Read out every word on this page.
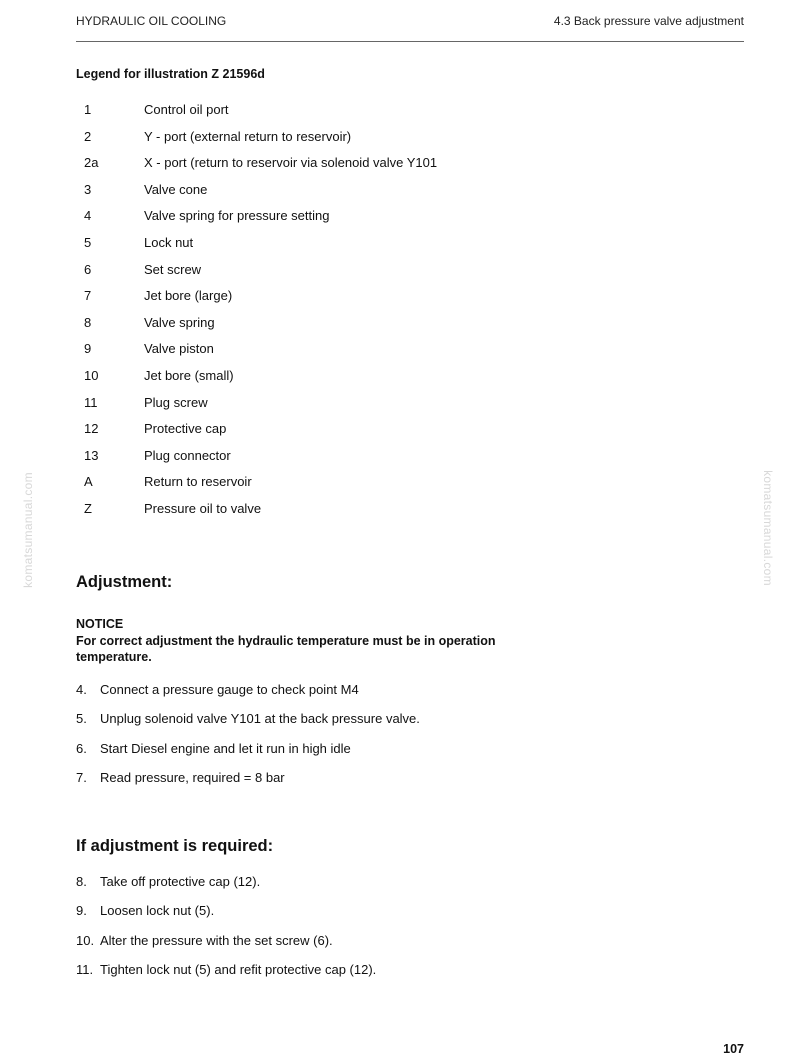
HYDRAULIC OIL COOLING	4.3 Back pressure valve adjustment
Legend for illustration Z 21596d
1	Control oil port
2	Y - port (external return to reservoir)
2a	X - port (return to reservoir via solenoid valve Y101
3	Valve cone
4	Valve spring for pressure setting
5	Lock nut
6	Set screw
7	Jet bore (large)
8	Valve spring
9	Valve piston
10	Jet bore (small)
11	Plug screw
12	Protective cap
13	Plug connector
A	Return to reservoir
Z	Pressure oil to valve
Adjustment:
NOTICE
For correct adjustment the hydraulic temperature must be in operation temperature.
4. Connect a pressure gauge to check point M4
5. Unplug solenoid valve Y101 at the back pressure valve.
6. Start Diesel engine and let it run in high idle
7. Read pressure, required = 8 bar
If adjustment is required:
8. Take off protective cap (12).
9. Loosen lock nut (5).
10. Alter the pressure with the set screw (6).
11. Tighten lock nut (5) and refit protective cap (12).
komatsumanual.com	komatsumanual.com
107
